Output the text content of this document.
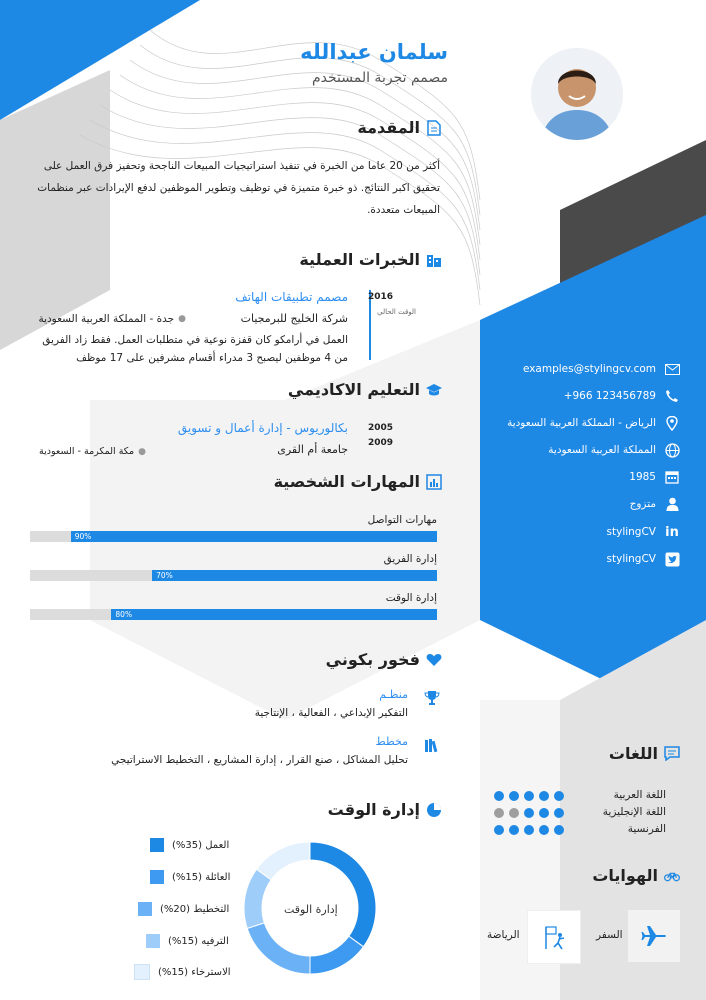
سلمان عبدالله
مصمم تجربة المستخدم
المقدمة
أكثر من 20 عاما من الخبرة في تنفيذ استراتيجيات المبيعات الناجحة وتحفيز فرق العمل على تحقيق اكبر النتائج. ذو خبرة متميزة في توظيف وتطوير الموظفين لدفع الإيرادات عبر منظمات المبيعات متعددة.
الخبرات العملية
2016
الوقت الحالي
مصمم تطبيقات الهاتف
شركة الخليج للبرمجيات
●
جدة - المملكة العربية السعودية
العمل في أرامكو كان قفزة نوعية في متطلبات العمل. فقط زاد الفريق من 4 موظفين ليصبح 3 مدراء أقسام مشرفين على 17 موظف
التعليم الاكاديمي
2005
2009
بكالوريوس - إدارة أعمال و تسويق
جامعة أم القرى
●
مكة المكرمة - السعودية
المهارات الشخصية
مهارات التواصل
90%
إدارة الفريق
70%
إدارة الوقت
80%
فخور بكوني
منظـم
التفكير الإبداعي ، الفعالية ، الإنتاجية
مخطط
تحليل المشاكل ، صنع القرار ، إدارة المشاريع ، التخطيط الاستراتيجي
إدارة الوقت
إدارة الوقت
العمل (35%)
العائلة (15%)
التخطيط (20%)
الترفيه (15%)
الاسترخاء (15%)
examples@stylingcv.com
+966 123456789
الرياض - المملكة العربية السعودية
المملكة العربية السعودية
1985
متزوج
in
stylingCV
stylingCV
اللغات
اللغة العربية
اللغة الإنجليزية
الفرنسية
الهوايات
السفر
الرياضة
